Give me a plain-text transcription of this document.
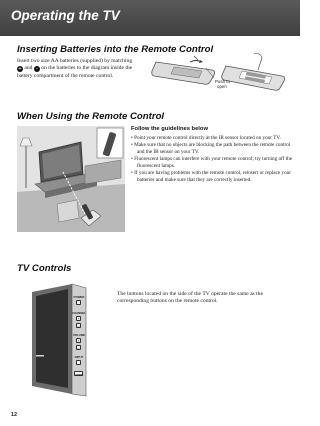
Operating the TV
Inserting Batteries into the Remote Control
Insert two size AA batteries (supplied) by matching
+ and – on the batteries to the diagram inside the
battery compartment of the remote control.
Push to open
When Using the Remote Control
Follow the guidelines below
• Point your remote control directly at the IR sensor located on your TV.
• Make sure that no objects are blocking the path between the remote control and the IR sensor on your TV.
• Fluorescent lamps can interfere with your remote control; try turning off the fluorescent lamps.
• If you are having problems with the remote control, reinsert or replace your batteries and make sure that they are correctly inserted.
TV Controls
The buttons located on the side of the TV operate the same as the corresponding buttons on the remote control.
POWER
CHANNEL
+
–
VOLUME
+
–
INPUT
HOME
12
